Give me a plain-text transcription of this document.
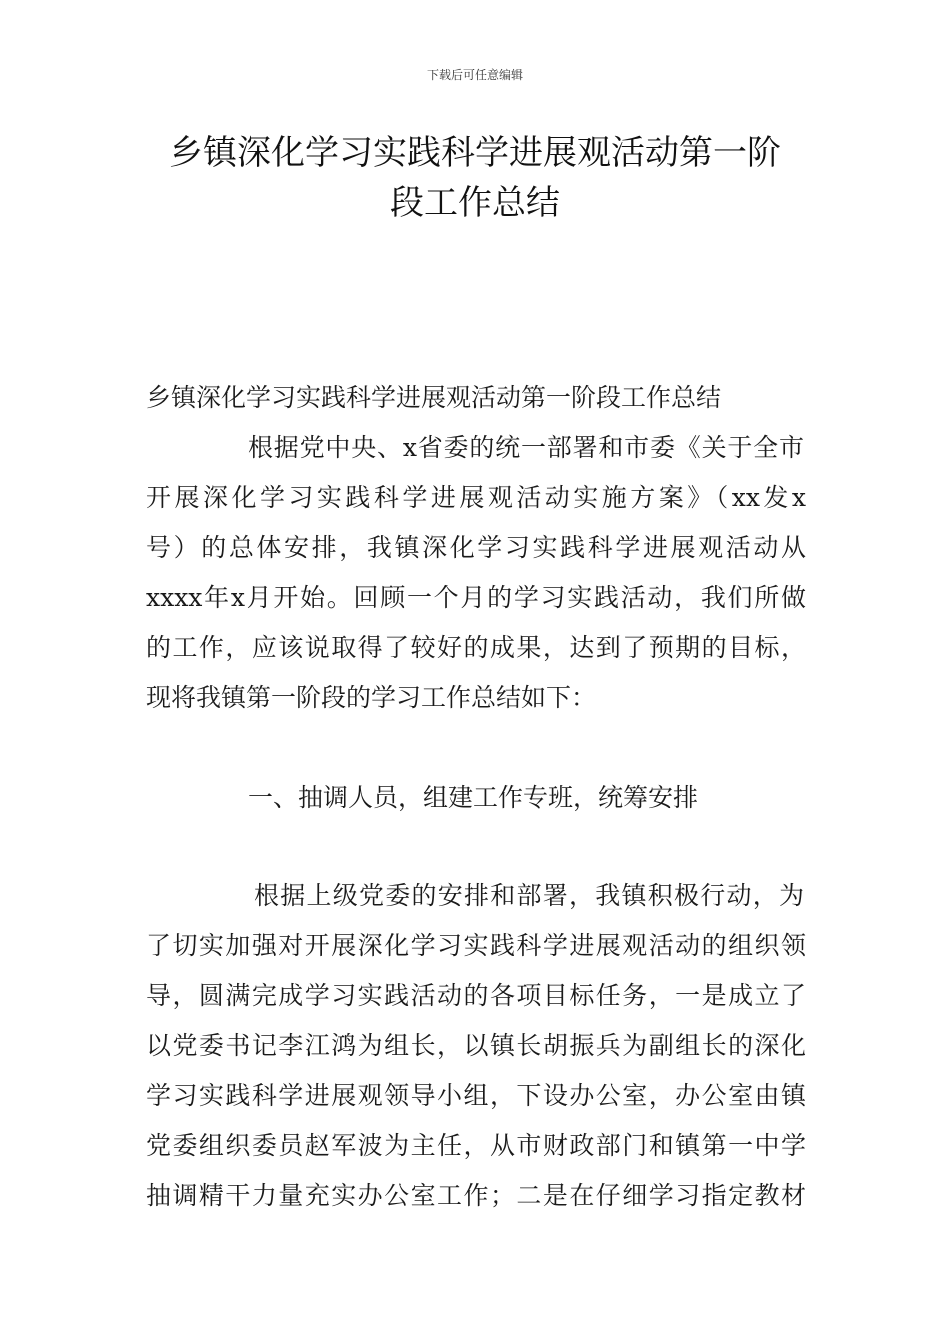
下载后可任意编辑
乡镇深化学习实践科学进展观活动第一阶
段工作总结
乡镇深化学习实践科学进展观活动第一阶段工作总结
根据党中央、x省委的统一部署和市委《关于全市
开展深化学习实践科学进展观活动实施方案》（xx发x
号）的总体安排，我镇深化学习实践科学进展观活动从
xxxx年x月开始。回顾一个月的学习实践活动，我们所做
的工作，应该说取得了较好的成果，达到了预期的目标，
现将我镇第一阶段的学习工作总结如下：
一、抽调人员，组建工作专班，统筹安排
根据上级党委的安排和部署，我镇积极行动，为
了切实加强对开展深化学习实践科学进展观活动的组织领
导，圆满完成学习实践活动的各项目标任务，一是成立了
以党委书记李江鸿为组长，以镇长胡振兵为副组长的深化
学习实践科学进展观领导小组，下设办公室，办公室由镇
党委组织委员赵军波为主任，从市财政部门和镇第一中学
抽调精干力量充实办公室工作；二是在仔细学习指定教材
